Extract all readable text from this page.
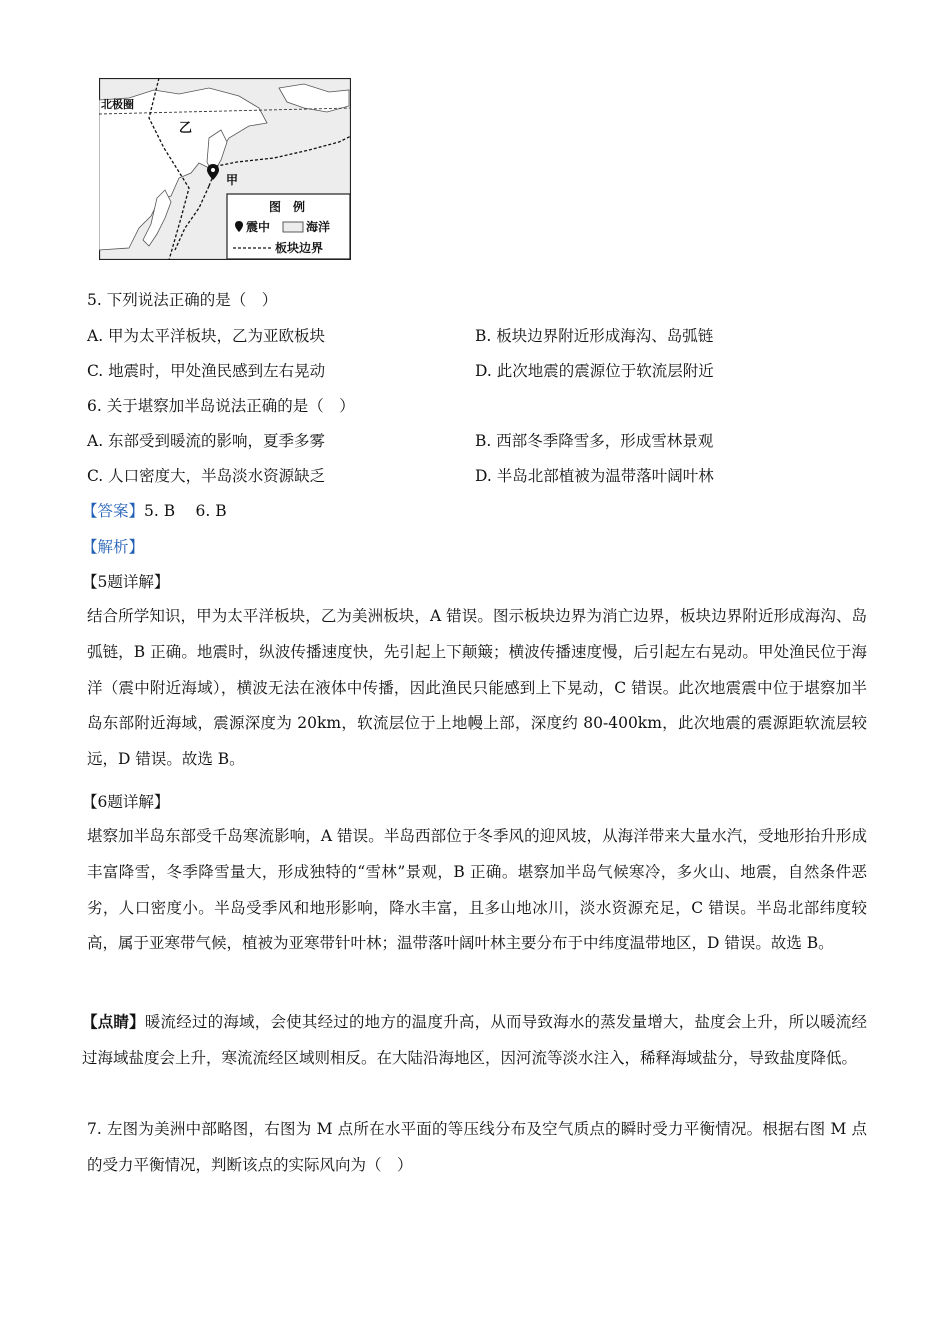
北极圈
乙
甲
图　例
震中	海洋
板块边界
5. 下列说法正确的是（　）
A. 甲为太平洋板块，乙为亚欧板块	B. 板块边界附近形成海沟、岛弧链
C. 地震时，甲处渔民感到左右晃动	D. 此次地震的震源位于软流层附近
6. 关于堪察加半岛说法正确的是（　）
A. 东部受到暖流的影响，夏季多雾	B. 西部冬季降雪多，形成雪林景观
C. 人口密度大，半岛淡水资源缺乏	D. 半岛北部植被为温带落叶阔叶林
【答案】5. B　 6. B
【解析】
【5题详解】
结合所学知识，甲为太平洋板块，乙为美洲板块，A 错误。图示板块边界为消亡边界，板块边界附近形成海沟、岛弧链，B 正确。地震时，纵波传播速度快，先引起上下颠簸；横波传播速度慢，后引起左右晃动。甲处渔民位于海洋（震中附近海域），横波无法在液体中传播，因此渔民只能感到上下晃动，C 错误。此次地震震中位于堪察加半岛东部附近海域，震源深度为 20km，软流层位于上地幔上部，深度约 80-400km，此次地震的震源距软流层较远，D 错误。故选 B。
【6题详解】
堪察加半岛东部受千岛寒流影响，A 错误。半岛西部位于冬季风的迎风坡，从海洋带来大量水汽，受地形抬升形成丰富降雪，冬季降雪量大，形成独特的“雪林”景观，B 正确。堪察加半岛气候寒冷，多火山、地震，自然条件恶劣，人口密度小。半岛受季风和地形影响，降水丰富，且多山地冰川，淡水资源充足，C 错误。半岛北部纬度较高，属于亚寒带气候，植被为亚寒带针叶林；温带落叶阔叶林主要分布于中纬度温带地区，D 错误。故选 B。
【点睛】暖流经过的海域，会使其经过的地方的温度升高，从而导致海水的蒸发量增大，盐度会上升，所以暖流经过海域盐度会上升，寒流流经区域则相反。在大陆沿海地区，因河流等淡水注入，稀释海域盐分，导致盐度降低。
7. 左图为美洲中部略图，右图为 M 点所在水平面的等压线分布及空气质点的瞬时受力平衡情况。根据右图 M 点的受力平衡情况，判断该点的实际风向为（　）
